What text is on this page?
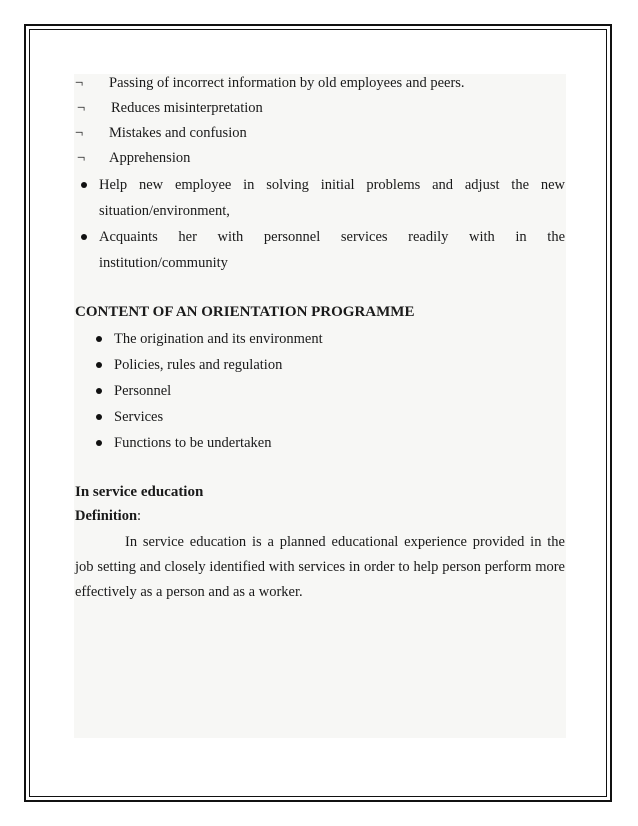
¬ Passing of incorrect information by old employees and peers.
¬ Reduces misinterpretation
¬ Mistakes and confusion
¬ Apprehension
Help new employee in solving initial problems and adjust the new
situation/environment,
Acquaints her with personnel services readily with in the
institution/community
CONTENT OF AN ORIENTATION PROGRAMME
The origination and its environment
Policies, rules and regulation
Personnel
Services
Functions to be undertaken
In service education
Definition:
In service education is a planned educational experience provided in the job setting and closely identified with services in order to help person perform more effectively as a person and as a worker.
